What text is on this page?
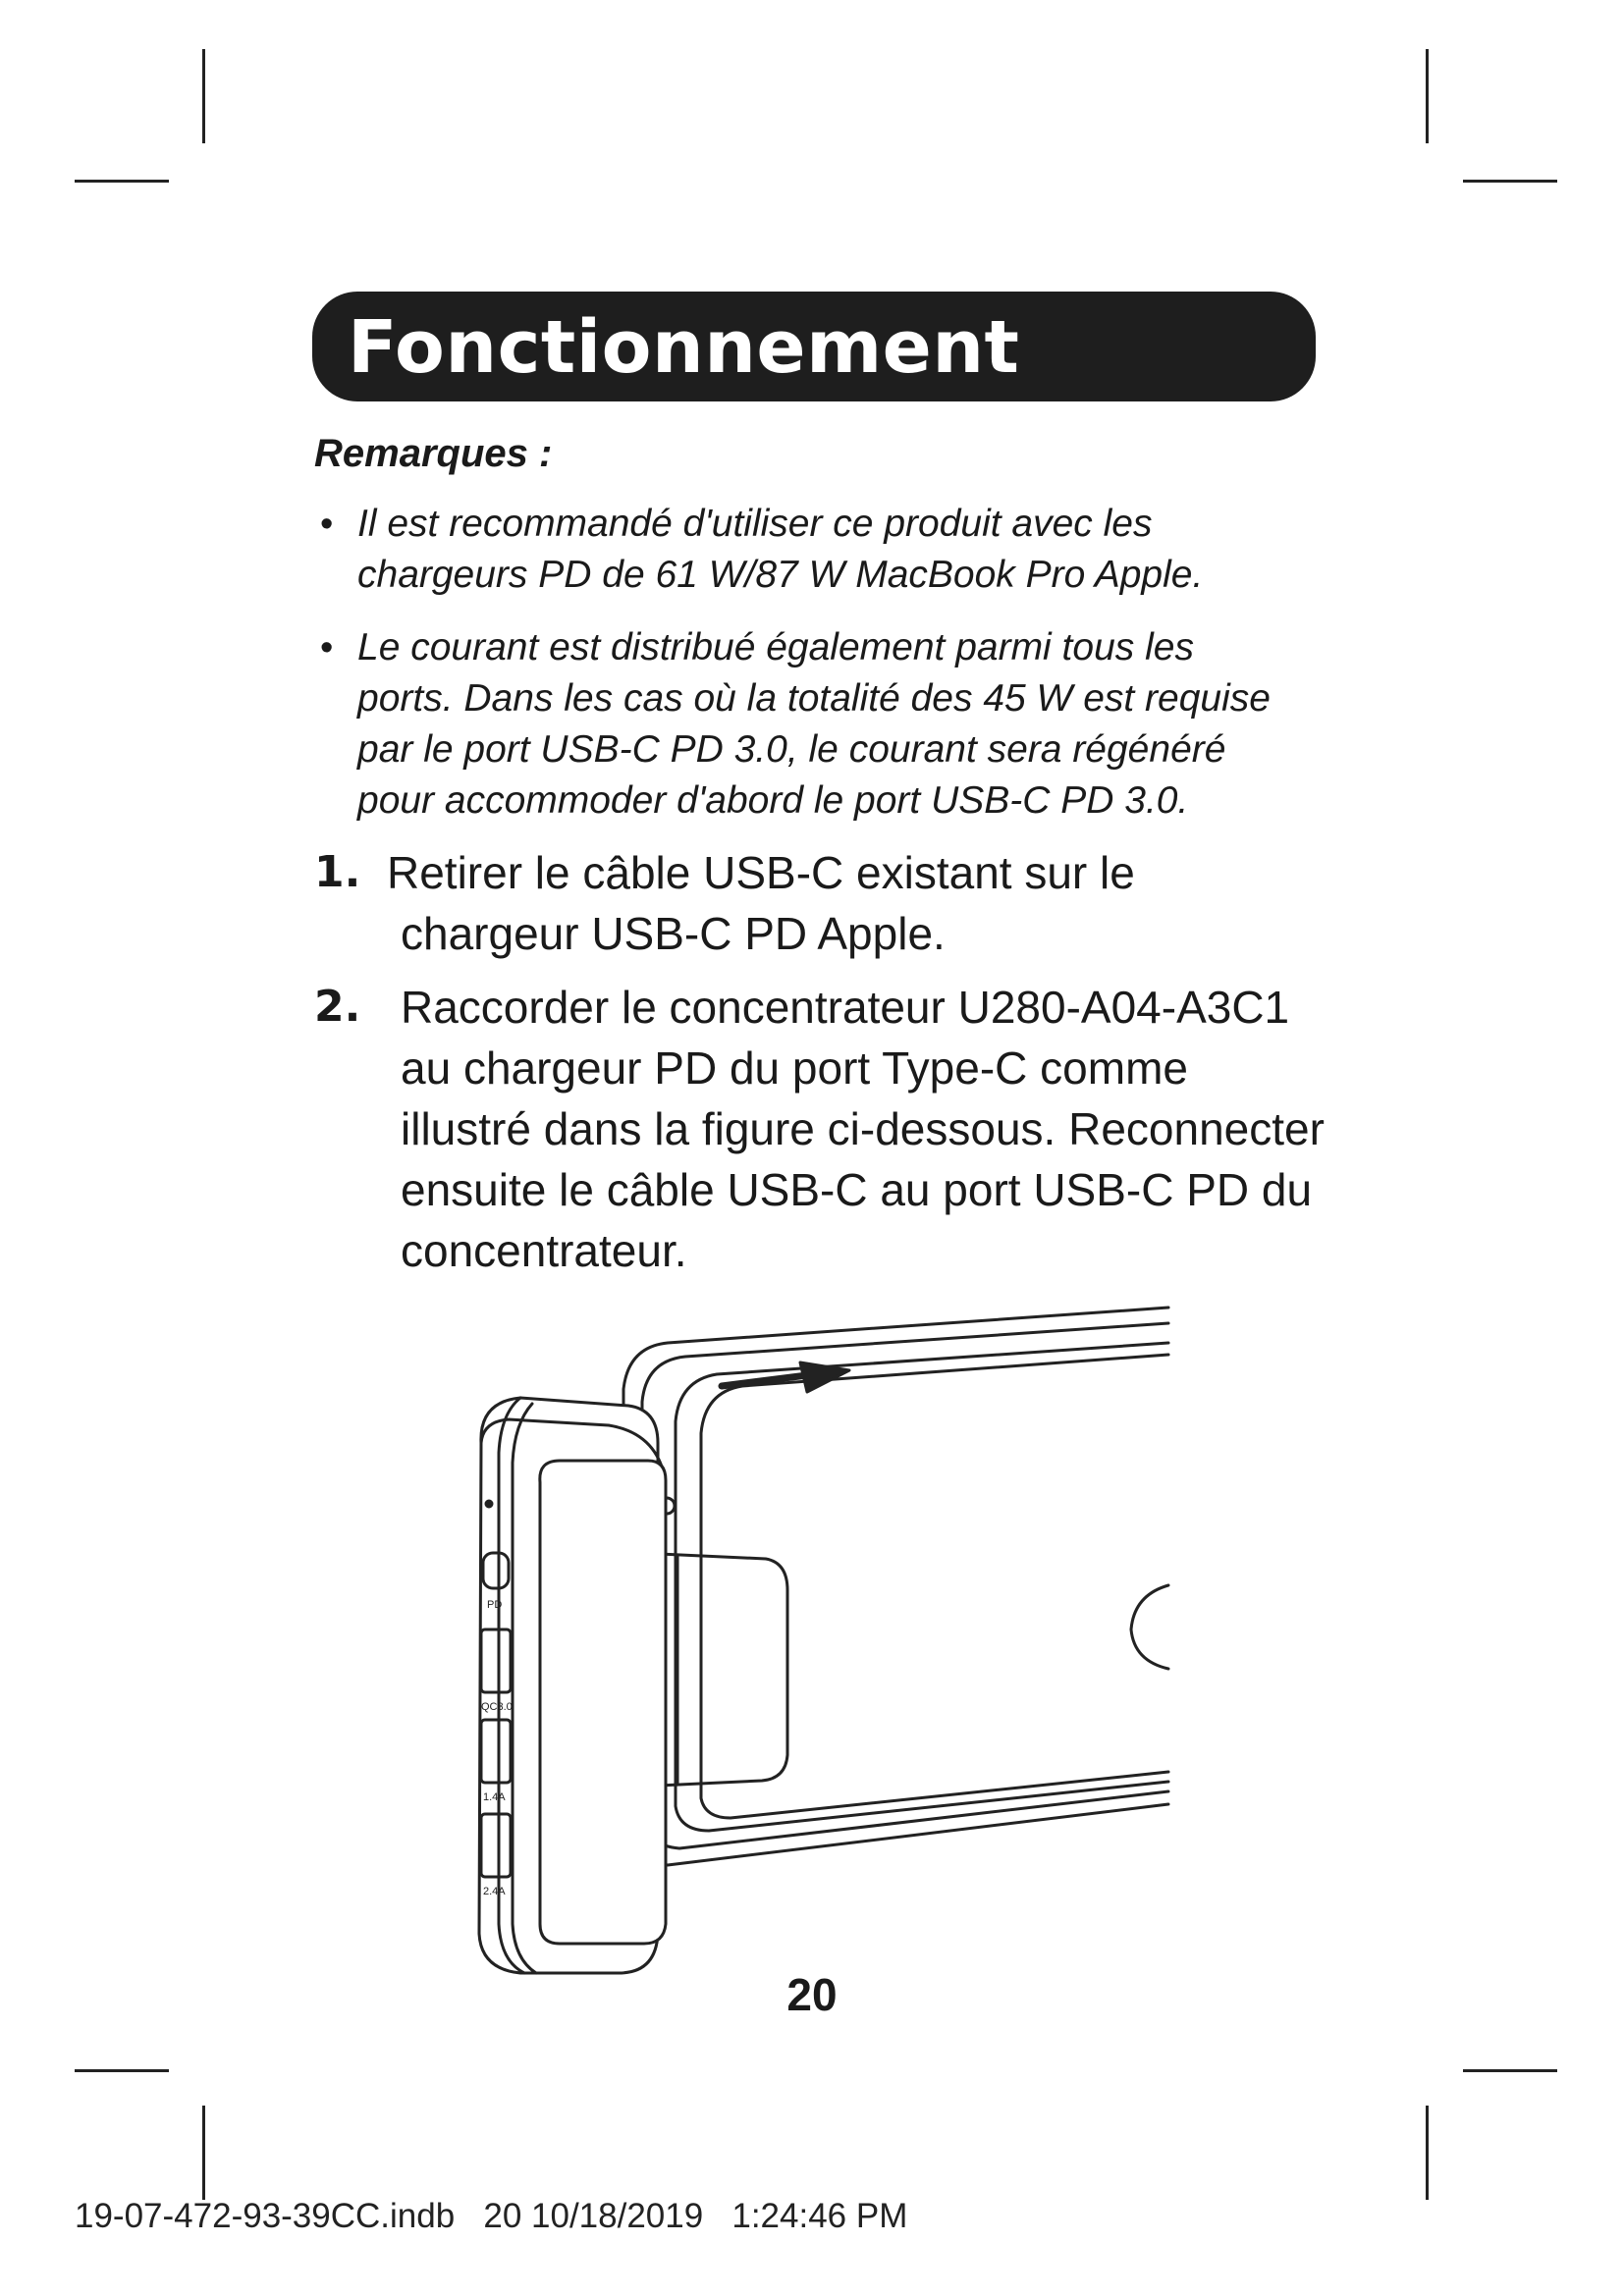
Fonctionnement
Remarques :
• Il est recommandé d'utiliser ce produit avec les
chargeurs PD de 61 W/87 W MacBook Pro Apple.
• Le courant est distribué également parmi tous les
ports. Dans les cas où la totalité des 45 W est requise
par le port USB-C PD 3.0, le courant sera régénéré
pour accommoder d'abord le port USB-C PD 3.0.
1. Retirer le câble USB-C existant sur le
chargeur USB-C PD Apple.
2. Raccorder le concentrateur U280-A04-A3C1
au chargeur PD du port Type-C comme
illustré dans la figure ci-dessous. Reconnecter
ensuite le câble USB-C au port USB-C PD du
concentrateur.
PD
QC3.0
1.4A
2.4A
20
19-07-472-93-39CC.indb   20 10/18/2019   1:24:46 PM
